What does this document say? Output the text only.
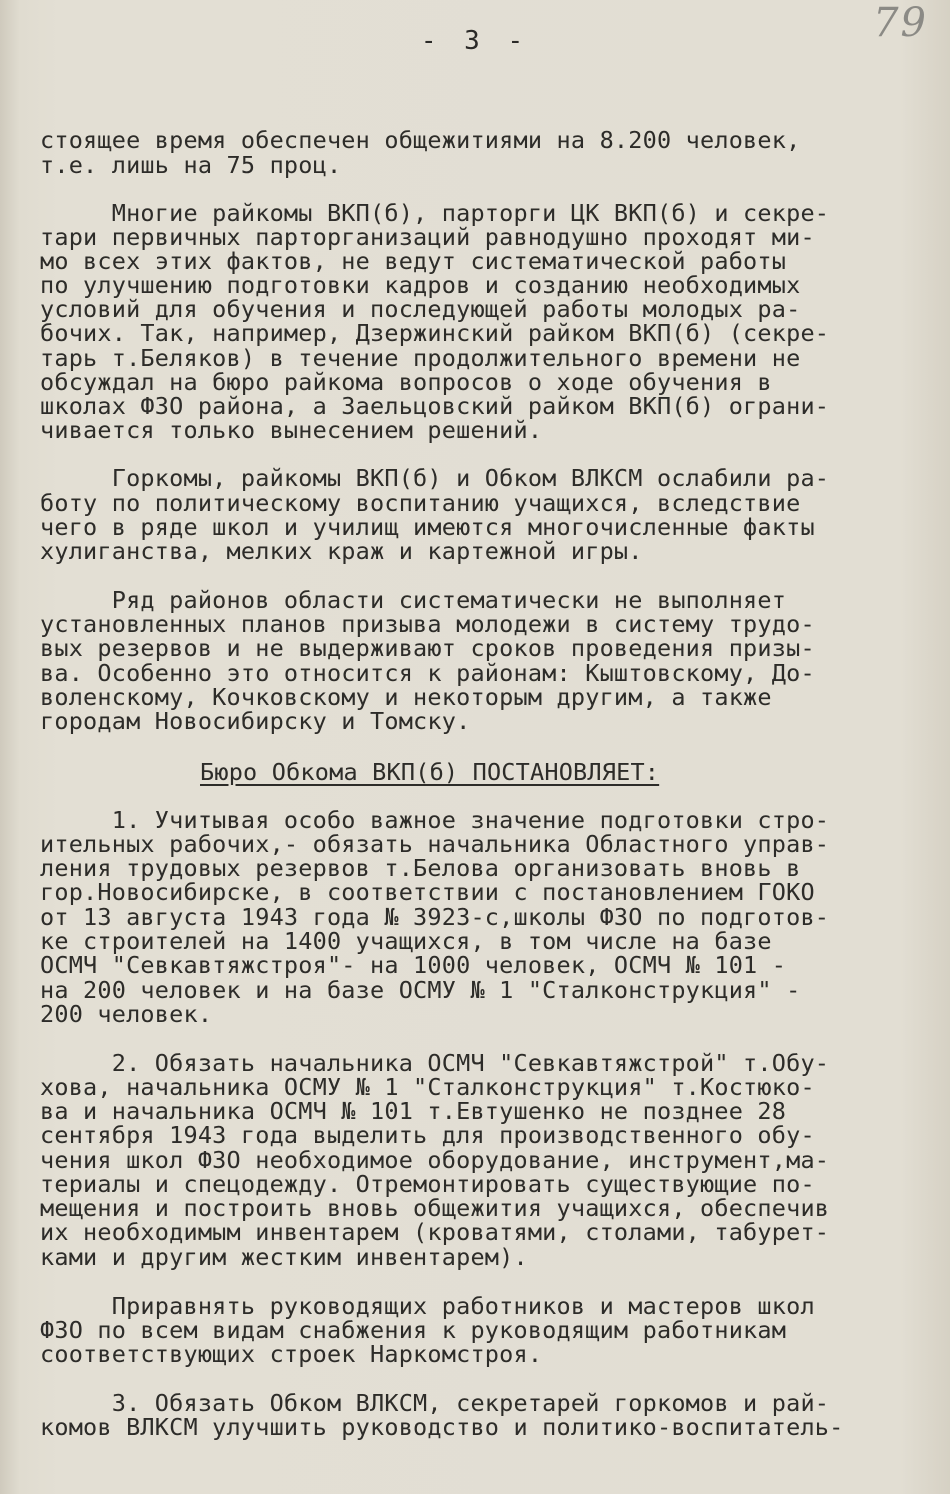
- 3 -	79
стоящее время обеспечен общежитиями на 8.200 человек,
т.е. лишь на 75 проц.
Многие райкомы ВКП(б), парторги ЦК ВКП(б) и секре-
тари первичных парторганизаций равнодушно проходят ми-
мо всех этих фактов, не ведут систематической работы
по улучшению подготовки кадров и созданию необходимых
условий для обучения и последующей работы молодых ра-
бочих. Так, например, Дзержинский райком ВКП(б) (секре-
тарь т.Беляков) в течение продолжительного времени не
обсуждал на бюро райкома вопросов о ходе обучения в
школах ФЗО района, а Заельцовский райком ВКП(б) ограни-
чивается только вынесением решений.
Горкомы, райкомы ВКП(б) и Обком ВЛКСМ ослабили ра-
боту по политическому воспитанию учащихся, вследствие
чего в ряде школ и училищ имеются многочисленные факты
хулиганства, мелких краж и картежной игры.
Ряд районов области систематически не выполняет
установленных планов призыва молодежи в систему трудо-
вых резервов и не выдерживают сроков проведения призы-
ва. Особенно это относится к районам: Кыштовскому, До-
воленскому, Кочковскому и некоторым другим, а также
городам Новосибирску и Томску.
Бюро Обкома ВКП(б) ПОСТАНОВЛЯЕТ:
1. Учитывая особо важное значение подготовки стро-
ительных рабочих,- обязать начальника Областного управ-
ления трудовых резервов т.Белова организовать вновь в
гор.Новосибирске, в соответствии с постановлением ГОКО
от 13 августа 1943 года № 3923-с,школы ФЗО по подготов-
ке строителей на 1400 учащихся, в том числе на базе
ОСМЧ "Севкавтяжстроя"- на 1000 человек, ОСМЧ № 101 -
на 200 человек и на базе ОСМУ № 1 "Сталконструкция" -
200 человек.
2. Обязать начальника ОСМЧ "Севкавтяжстрой" т.Обу-
хова, начальника ОСМУ № 1 "Сталконструкция" т.Костюко-
ва и начальника ОСМЧ № 101 т.Евтушенко не позднее 28
сентября 1943 года выделить для производственного обу-
чения школ ФЗО необходимое оборудование, инструмент,ма-
териалы и спецодежду. Отремонтировать существующие по-
мещения и построить вновь общежития учащихся, обеспечив
их необходимым инвентарем (кроватями, столами, табурет-
ками и другим жестким инвентарем).
Приравнять руководящих работников и мастеров школ
ФЗО по всем видам снабжения к руководящим работникам
соответствующих строек Наркомстроя.
3. Обязать Обком ВЛКСМ, секретарей горкомов и рай-
комов ВЛКСМ улучшить руководство и политико-воспитатель-
